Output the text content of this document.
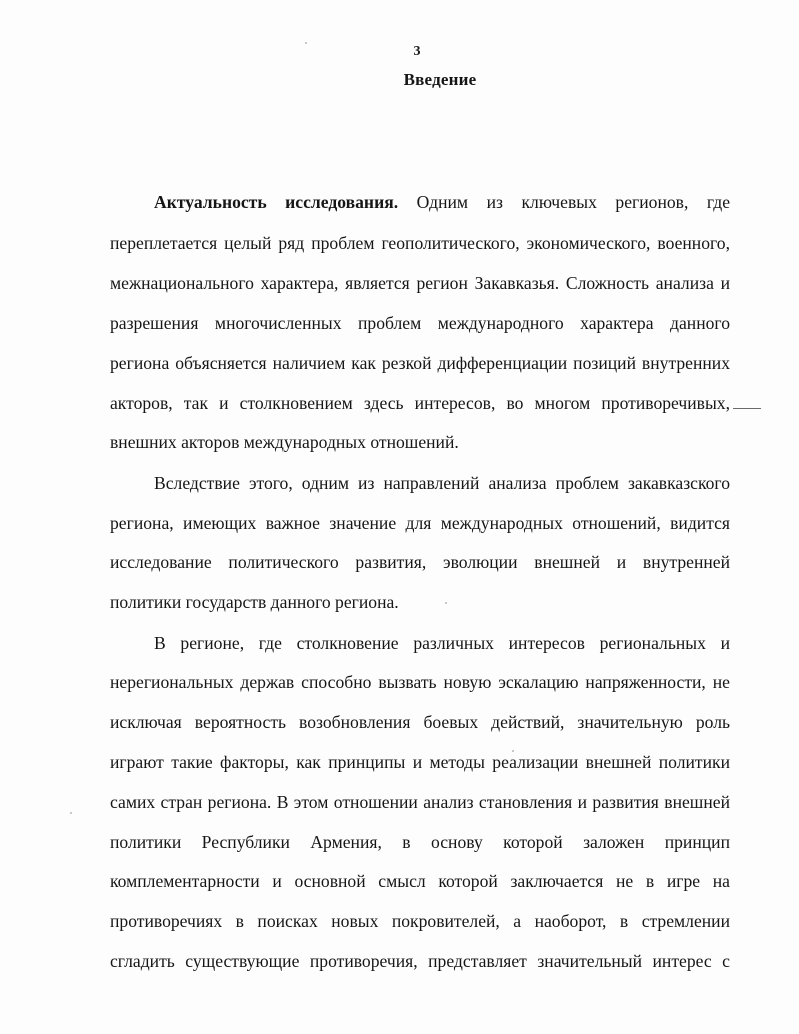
3
Введение
Актуальность исследования. Одним из ключевых регионов, где
переплетается целый ряд проблем геополитического, экономического, военного,
межнационального характера, является регион Закавказья. Сложность анализа и
разрешения многочисленных проблем международного характера данного
региона объясняется наличием как резкой дифференциации позиций внутренних
акторов, так и столкновением здесь интересов, во многом противоречивых,
внешних акторов международных отношений.
Вследствие этого, одним из направлений анализа проблем закавказского
региона, имеющих важное значение для международных отношений, видится
исследование политического развития, эволюции внешней и внутренней
политики государств данного региона.
В регионе, где столкновение различных интересов региональных и
нерегиональных держав способно вызвать новую эскалацию напряженности, не
исключая вероятность возобновления боевых действий, значительную роль
играют такие факторы, как принципы и методы реализации внешней политики
самих стран региона. В этом отношении анализ становления и развития внешней
политики Республики Армения, в основу которой заложен принцип
комплементарности и основной смысл которой заключается не в игре на
противоречиях в поисках новых покровителей, а наоборот, в стремлении
сгладить существующие противоречия, представляет значительный интерес с
